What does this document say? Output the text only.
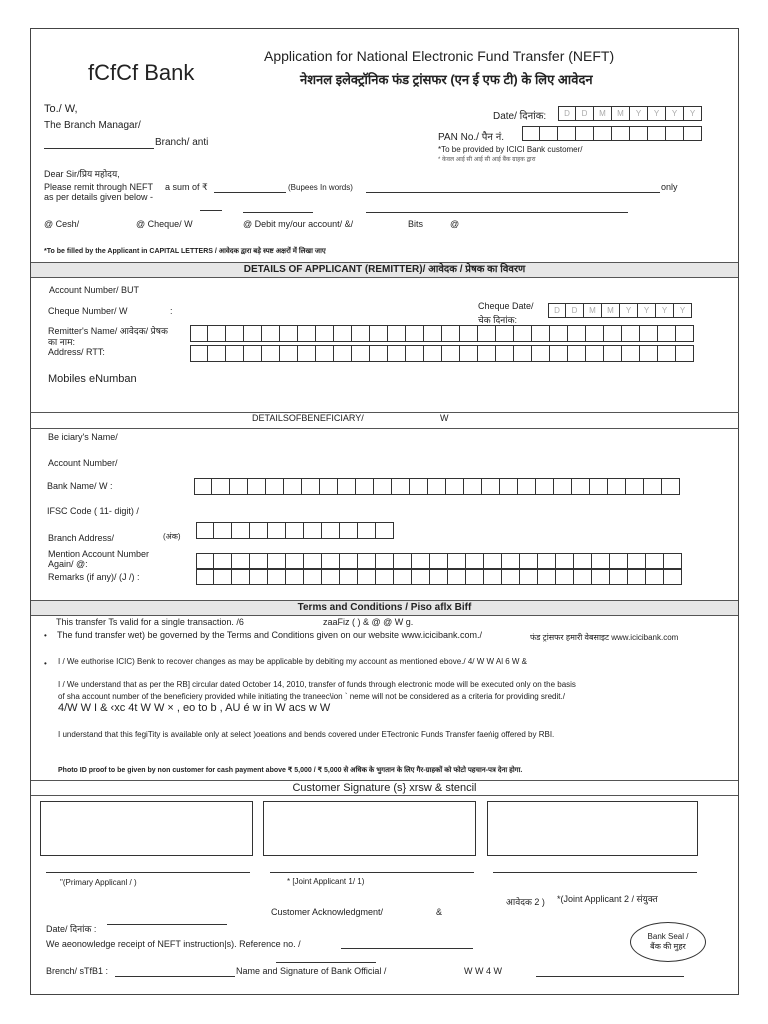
fCfCf Bank
Application for National Electronic Fund Transfer (NEFT)
नेशनल इलेक्ट्रॉनिक फंड ट्रांसफर (एन ई एफ टी) के लिए आवेदन
To./ W,
The Branch Managar/
Branch/ anti
Date/ दिनांक:	D	D	M	M	Y	Y	Y	Y
PAN No./ पैन नं.
*To be provided by ICICI Bank customer/
* केवल आई सी आई सी आई बैंक ग्राहक द्वारा
Dear Sir/प्रिय महोदय,
Please remit through NEFT a sum of ₹	(Bupees In words)	only
as per details given below -
@ Cesh/	@ Cheque/ W	@ Debit my/our account/ &/	Bits	@
*To be filled by the Applicant in CAPITAL LETTERS / आवेदक द्वारा बड़े स्पष्ट अक्षरों में लिखा जाए
DETAILS OF APPLICANT (REMITTER)/ आवेदक / प्रेषक का विवरण
Account Number/ BUT
Cheque Number/ W	:	Cheque Date/
चेक दिनांक:
D	D	M	M	Y	Y	Y	Y
Remitter's Name/ आवेदक/ प्रेषक
का नाम:
Address/ RTT:
Mobiles eNumban
DETAILSOFBENEFICIARY/	W
Be iciary's Name/
Account Number/
Bank Name/ W :
IFSC Code ( 11- digit) /
Branch Address/	(अंक)
Mention Account Number
Again/ @:
Remarks (if any)/ (J /) :
Terms and Conditions / Piso aflx Biff
This transfer Ts valid for a single transaction. /6	zaaFiz ( ) & @ @ W g.
• The fund transfer wet) be governed by the Terms and Conditions given on our website www.icicibank.com./	फंड ट्रांसफर हमारी वेबसाइट www.icicibank.com
• I / We euthorise ICIC) Benk to recover changes as may be applicable by debiting my account as mentioned ebove./ 4/ W W Al 6 W &
I / We understand that as per the RB] circular dated October 14, 2010, transfer of funds through electronic mode will be executed only on the basis
of sha account number of the beneficiery provided while initiating the traneec\ion ` neme will not be considered as a criteria for providing sredit./
4/W W I & ‹xc 4t W W × , eo to b , AU é w in W acs w W
I understand that this fegiTity is available only at select )oeations and bends covered under ETectronic Funds Transfer faeṅig offered by RBI.
Photo ID proof to be given by non customer for cash payment above ₹ 5,000 / ₹ 5,000 से अधिक के भुगतान के लिए गैर-ग्राहकों को फोटो पहचान-पत्र देना होगा.
Customer Signature (s} xrsw & stencil
"(Primary Applicanl / )	* [Joint Applicant 1/ 1)
आवेदक 2 ) *(Joint Applicant 2 / संयुक्त
Customer Acknowledgment/	&
Date/ दिनांक :
We aeonowledge receipt of NEFT instruction|s). Reference no. /
Brench/ sTfB1 :	Name and Signature of Bank Official /	W W 4 W
Bank Seal /
बैंक की मुहर
